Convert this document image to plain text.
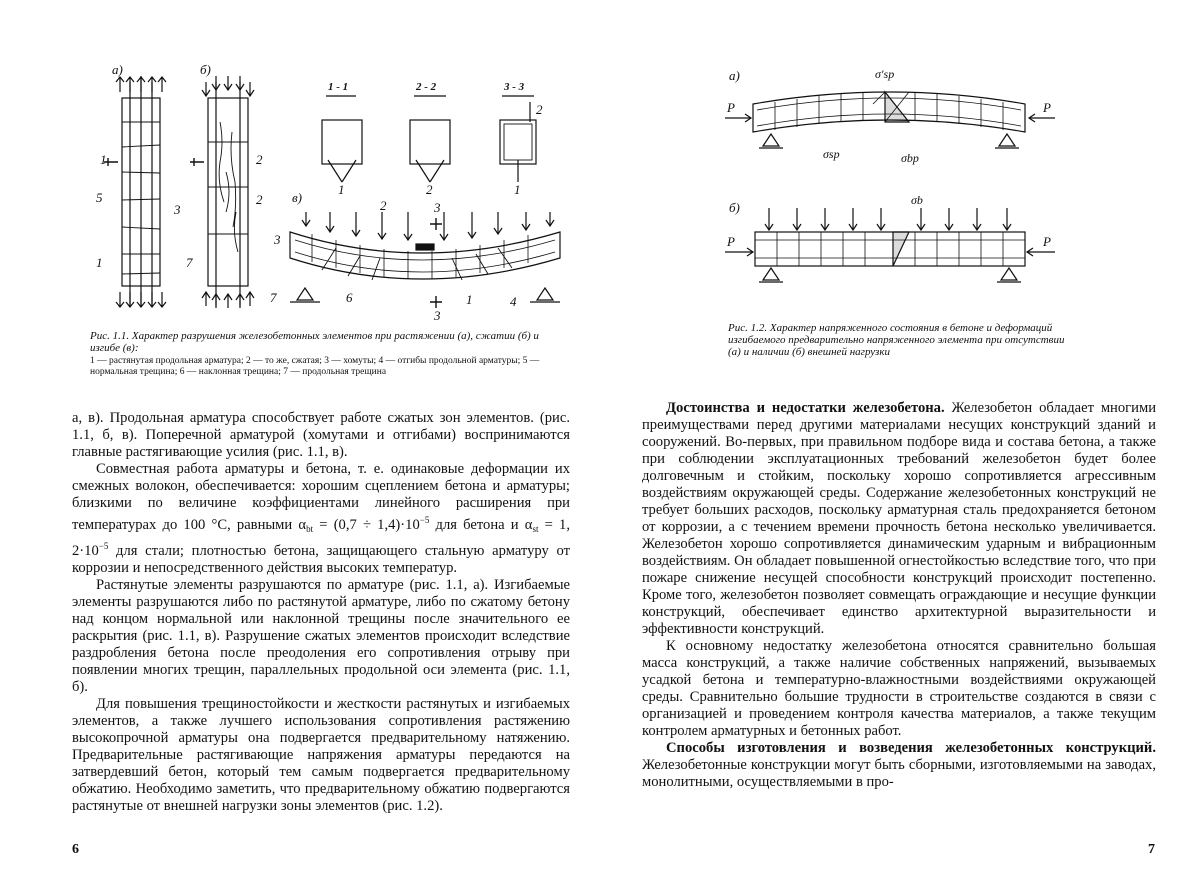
а)	б)
в)
1 - 1	2 - 2	3 - 3
5
1
1
3
7
2
2
1	2	1
2
3
2	3
7	6	1	4
3
Рис. 1.1. Характер разрушения железобетонных элементов при растяжении (а), сжатии (б) и изгибе (в):
1 — растянутая продольная арматура; 2 — то же, сжатая; 3 — хомуты; 4 — отгибы продольной арматуры; 5 — нормальная трещина; 6 — наклонная трещина; 7 — продольная трещина

а, в). Продольная арматура способствует работе сжатых зон элементов. (рис. 1.1, б, в). Поперечной арматурой (хомутами и отгибами) воспринимаются главные растягивающие усилия (рис. 1.1, в).

Совместная работа арматуры и бетона, т. е. одинаковые деформации их смежных волокон, обеспечивается: хорошим сцеплением бетона и арматуры; близкими по величине коэффициентами линейного расширения при температурах до 100 °С, равными $\alpha_{bt} = (0,7 \div 1,4)\cdot 10^{-5}$ для бетона и $\alpha_{st} = 1$, $2\cdot 10^{-5}$ для стали; плотностью бетона, защищающего стальную арматуру от коррозии и непосредственного действия высоких температур.

Растянутые элементы разрушаются по арматуре (рис. 1.1, а). Изгибаемые элементы разрушаются либо по растянутой арматуре, либо по сжатому бетону над концом нормальной или наклонной трещины после значительного ее раскрытия (рис. 1.1, в). Разрушение сжатых элементов происходит вследствие раздробления бетона после преодоления его сопротивления отрыву при появлении многих трещин, параллельных продольной оси элемента (рис. 1.1, б).

Для повышения трещиностойкости и жесткости растянутых и изгибаемых элементов, а также лучшего использования сопротивления растяжению высокопрочной арматуры она подвергается предварительному натяжению. Предварительные растягивающие напряжения арматуры передаются на затвердевший бетон, который тем самым подвергается предварительному обжатию. Необходимо заметить, что предварительному обжатию подвергаются растянутые от внешней нагрузки зоны элементов (рис. 1.2).

6
а)
б)
P	P
P	P
σ′sp
σsp	σbp
σb
Рис. 1.2. Характер напряженного состояния в бетоне и деформаций изгибаемого предварительно напряженного элемента при отсутствии (а) и наличии (б) внешней нагрузки

Достоинства и недостатки железобетона. Железобетон обладает многими преимуществами перед другими материалами несущих конструкций зданий и сооружений. Во-первых, при правильном подборе вида и состава бетона, а также при соблюдении эксплуатационных требований железобетон будет более долговечным и стойким, поскольку хорошо сопротивляется агрессивным воздействиям окружающей среды. Содержание железобетонных конструкций не требует больших расходов, поскольку арматурная сталь предохраняется бетоном от коррозии, а с течением времени прочность бетона несколько увеличивается. Железобетон хорошо сопротивляется динамическим ударным и вибрационным воздействиям. Он обладает повышенной огнестойкостью вследствие того, что при пожаре снижение несущей способности конструкций происходит постепенно. Кроме того, железобетон позволяет совмещать ограждающие и несущие функции конструкций, обеспечивает единство архитектурной выразительности и эффективности конструкций.

К основному недостатку железобетона относятся сравнительно большая масса конструкций, а также наличие собственных напряжений, вызываемых усадкой бетона и температурно-влажностными воздействиями окружающей среды. Сравнительно большие трудности в строительстве создаются в связи с организацией и проведением контроля качества материалов, а также текущим контролем арматурных и бетонных работ.

Способы изготовления и возведения железобетонных конструкций. Железобетонные конструкции могут быть сборными, изготовляемыми на заводах, монолитными, осуществляемыми в про-

7
